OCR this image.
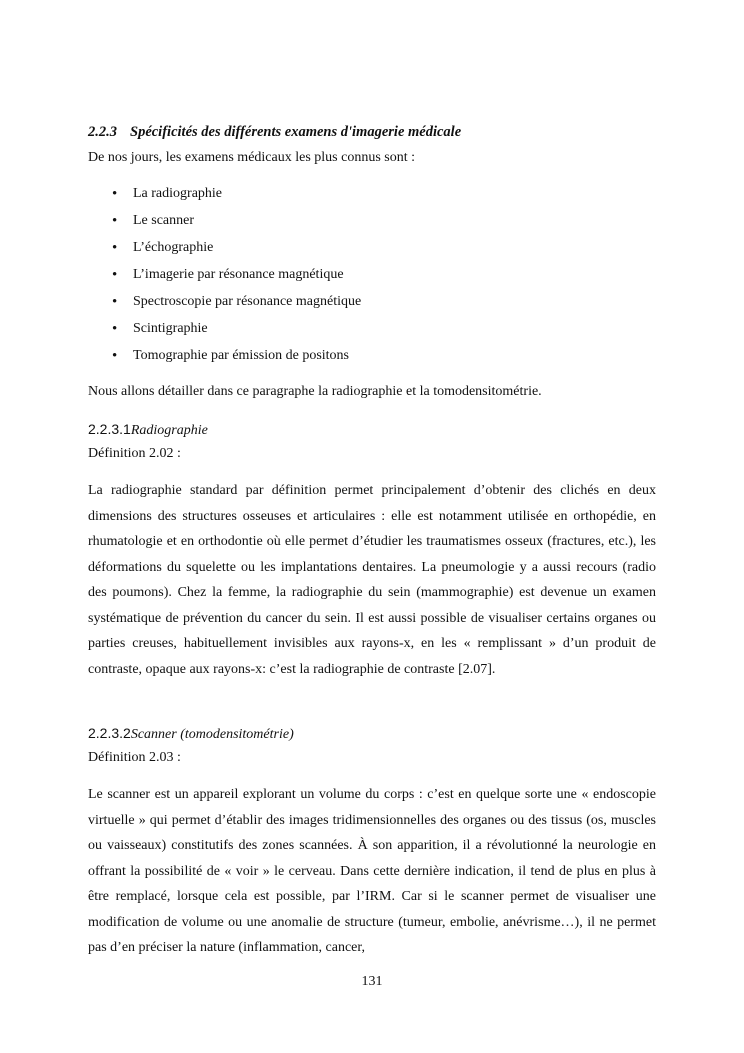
2.2.3 Spécificités des différents examens d'imagerie médicale
De nos jours, les examens médicaux les plus connus sont :
• La radiographie
• Le scanner
• L’échographie
• L’imagerie par résonance magnétique
• Spectroscopie par résonance magnétique
• Scintigraphie
• Tomographie par émission de positons
Nous allons détailler dans ce paragraphe la radiographie et la tomodensitométrie.
2.2.3.1Radiographie
Définition 2.02 :

La radiographie standard par définition permet principalement d’obtenir des clichés en deux dimensions des structures osseuses et articulaires : elle est notamment utilisée en orthopédie, en rhumatologie et en orthodontie où elle permet d’étudier les traumatismes osseux (fractures, etc.), les déformations du squelette ou les implantations dentaires. La pneumologie y a aussi recours (radio des poumons). Chez la femme, la radiographie du sein (mammographie) est devenue un examen systématique de prévention du cancer du sein. Il est aussi possible de visualiser certains organes ou parties creuses, habituellement invisibles aux rayons-x, en les « remplissant » d’un produit de contraste, opaque aux rayons-x: c’est la radiographie de contraste [2.07].

2.2.3.2Scanner (tomodensitométrie)
Définition 2.03 :

Le scanner est un appareil explorant un volume du corps : c’est en quelque sorte une « endoscopie virtuelle » qui permet d’établir des images tridimensionnelles des organes ou des tissus (os, muscles ou vaisseaux) constitutifs des zones scannées. À son apparition, il a révolutionné la neurologie en offrant la possibilité de « voir » le cerveau. Dans cette dernière indication, il tend de plus en plus à être remplacé, lorsque cela est possible, par l’IRM. Car si le scanner permet de visualiser une modification de volume ou une anomalie de structure (tumeur, embolie, anévrisme…), il ne permet pas d’en préciser la nature (inflammation, cancer,

131
